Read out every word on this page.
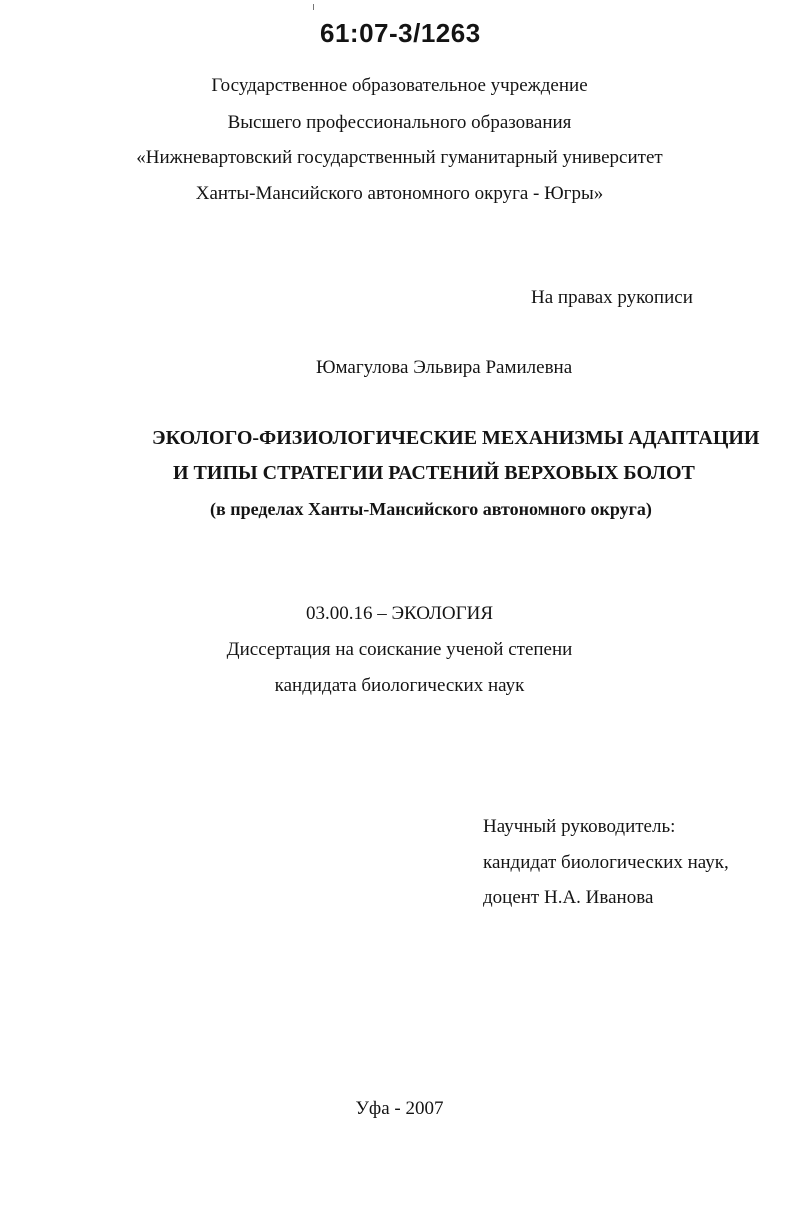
61:07-3/1263
Государственное образовательное учреждение
Высшего профессионального образования
«Нижневартовский государственный гуманитарный университет
Ханты-Мансийского автономного округа - Югры»
На правах рукописи
Юмагулова Эльвира Рамилевна
ЭКОЛОГО-ФИЗИОЛОГИЧЕСКИЕ МЕХАНИЗМЫ АДАПТАЦИИ
И ТИПЫ СТРАТЕГИИ РАСТЕНИЙ ВЕРХОВЫХ БОЛОТ
(в пределах Ханты-Мансийского автономного округа)
03.00.16 – ЭКОЛОГИЯ
Диссертация на соискание ученой степени
кандидата биологических наук
Научный руководитель:
кандидат биологических наук,
доцент Н.А. Иванова
Уфа - 2007
